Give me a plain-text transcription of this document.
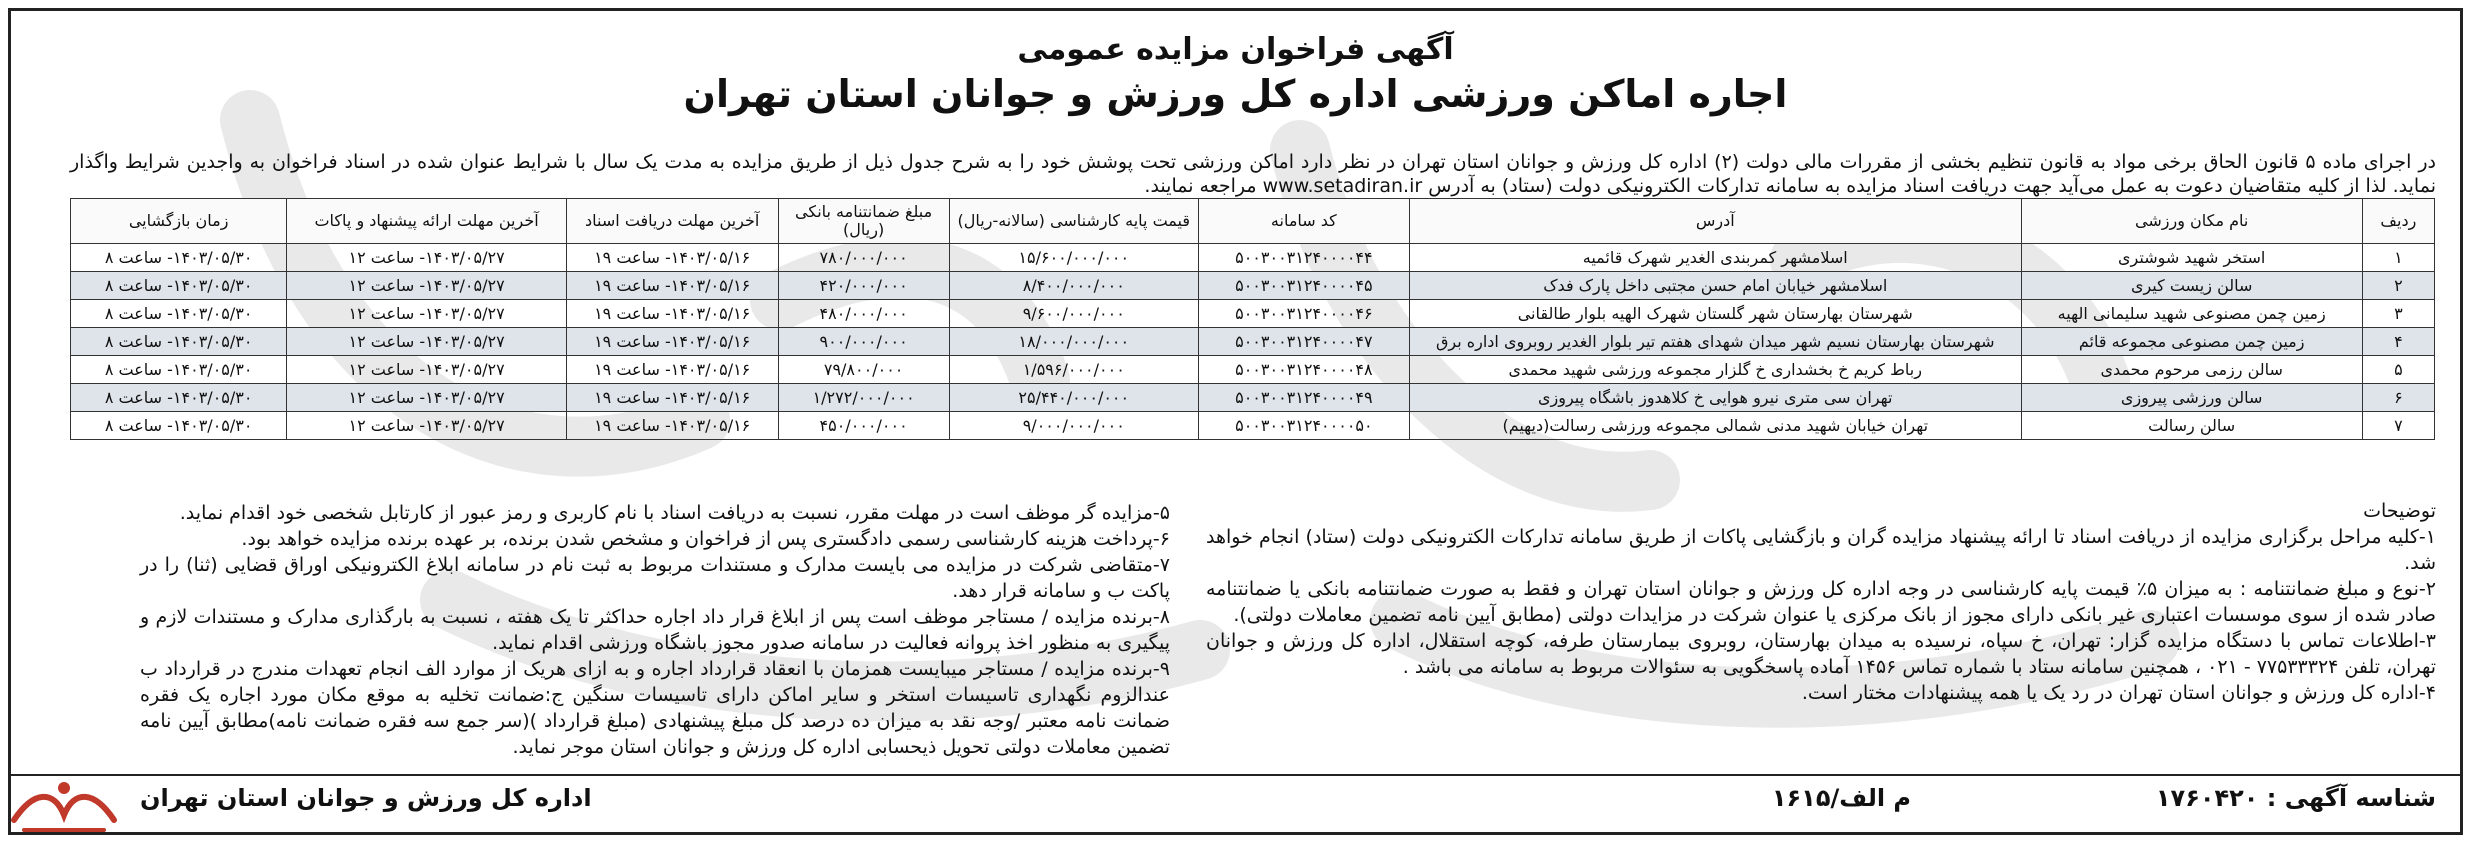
آگهی فراخوان مزایده عمومی
اجاره اماکن ورزشی اداره کل ورزش و جوانان استان تهران
در اجرای ماده ۵ قانون الحاق برخی مواد به قانون تنظیم بخشی از مقررات مالی دولت (۲) اداره کل ورزش و جوانان استان تهران در نظر دارد اماکن ورزشی تحت پوشش خود را به شرح جدول ذیل از طریق مزایده به مدت یک سال با شرایط عنوان شده در اسناد فراخوان به واجدین شرایط واگذار نماید. لذا از کلیه متقاضیان دعوت به عمل می‌آید جهت دریافت اسناد مزایده به سامانه تدارکات الکترونیکی دولت (ستاد) به آدرس www.setadiran.ir مراجعه نمایند.
ردیف	نام مکان ورزشی	آدرس	کد سامانه	قیمت پایه کارشناسی (سالانه-ریال)	مبلغ ضمانتنامه بانکی (ریال)	آخرین مهلت دریافت اسناد	آخرین مهلت ارائه پیشنهاد و پاکات	زمان بازگشایی
۱	استخر شهید شوشتری	اسلامشهر کمربندی الغدیر شهرک قائمیه	۵۰۰۳۰۰۳۱۲۴۰۰۰۰۴۴	۱۵/۶۰۰/۰۰۰/۰۰۰	۷۸۰/۰۰۰/۰۰۰	۱۴۰۳/۰۵/۱۶- ساعت ۱۹	۱۴۰۳/۰۵/۲۷- ساعت ۱۲	۱۴۰۳/۰۵/۳۰- ساعت ۸
۲	سالن زیست کیری	اسلامشهر خیابان امام حسن مجتبی داخل پارک فدک	۵۰۰۳۰۰۳۱۲۴۰۰۰۰۴۵	۸/۴۰۰/۰۰۰/۰۰۰	۴۲۰/۰۰۰/۰۰۰	۱۴۰۳/۰۵/۱۶- ساعت ۱۹	۱۴۰۳/۰۵/۲۷- ساعت ۱۲	۱۴۰۳/۰۵/۳۰- ساعت ۸
۳	زمین چمن مصنوعی شهید سلیمانی الهیه	شهرستان بهارستان شهر گلستان شهرک الهیه بلوار طالقانی	۵۰۰۳۰۰۳۱۲۴۰۰۰۰۴۶	۹/۶۰۰/۰۰۰/۰۰۰	۴۸۰/۰۰۰/۰۰۰	۱۴۰۳/۰۵/۱۶- ساعت ۱۹	۱۴۰۳/۰۵/۲۷- ساعت ۱۲	۱۴۰۳/۰۵/۳۰- ساعت ۸
۴	زمین چمن مصنوعی مجموعه قائم	شهرستان بهارستان نسیم شهر میدان شهدای هفتم تیر بلوار الغدیر روبروی اداره برق	۵۰۰۳۰۰۳۱۲۴۰۰۰۰۴۷	۱۸/۰۰۰/۰۰۰/۰۰۰	۹۰۰/۰۰۰/۰۰۰	۱۴۰۳/۰۵/۱۶- ساعت ۱۹	۱۴۰۳/۰۵/۲۷- ساعت ۱۲	۱۴۰۳/۰۵/۳۰- ساعت ۸
۵	سالن رزمی مرحوم محمدی	رباط کریم خ بخشداری خ گلزار مجموعه ورزشی شهید محمدی	۵۰۰۳۰۰۳۱۲۴۰۰۰۰۴۸	۱/۵۹۶/۰۰۰/۰۰۰	۷۹/۸۰۰/۰۰۰	۱۴۰۳/۰۵/۱۶- ساعت ۱۹	۱۴۰۳/۰۵/۲۷- ساعت ۱۲	۱۴۰۳/۰۵/۳۰- ساعت ۸
۶	سالن ورزشی پیروزی	تهران سی متری نیرو هوایی خ کلاهدوز باشگاه پیروزی	۵۰۰۳۰۰۳۱۲۴۰۰۰۰۴۹	۲۵/۴۴۰/۰۰۰/۰۰۰	۱/۲۷۲/۰۰۰/۰۰۰	۱۴۰۳/۰۵/۱۶- ساعت ۱۹	۱۴۰۳/۰۵/۲۷- ساعت ۱۲	۱۴۰۳/۰۵/۳۰- ساعت ۸
۷	سالن رسالت	تهران خیابان شهید مدنی شمالی مجموعه ورزشی رسالت(دیهیم)	۵۰۰۳۰۰۳۱۲۴۰۰۰۰۵۰	۹/۰۰۰/۰۰۰/۰۰۰	۴۵۰/۰۰۰/۰۰۰	۱۴۰۳/۰۵/۱۶- ساعت ۱۹	۱۴۰۳/۰۵/۲۷- ساعت ۱۲	۱۴۰۳/۰۵/۳۰- ساعت ۸
توضیحات

۱-کلیه مراحل برگزاری مزایده از دریافت اسناد تا ارائه پیشنهاد مزایده گران و بازگشایی پاکات از طریق سامانه تدارکات الکترونیکی دولت (ستاد) انجام خواهد شد.

۲-نوع و مبلغ ضمانتنامه : به میزان ۵٪ قیمت پایه کارشناسی در وجه اداره کل ورزش و جوانان استان تهران و فقط به صورت ضمانتنامه بانکی یا ضمانتنامه صادر شده از سوی موسسات اعتباری غیر بانکی دارای مجوز از بانک مرکزی یا عنوان شرکت در مزایدات دولتی (مطابق آیین نامه تضمین معاملات دولتی).

۳-اطلاعات تماس با دستگاه مزایده گزار: تهران، خ سپاه، نرسیده به میدان بهارستان، روبروی بیمارستان طرفه، کوچه استقلال، اداره کل ورزش و جوانان تهران، تلفن ۷۷۵۳۳۳۲۴ - ۰۲۱ ، همچنین سامانه ستاد با شماره تماس ۱۴۵۶ آماده پاسخگویی به سئوالات مربوط به سامانه می باشد .

۴-اداره کل ورزش و جوانان استان تهران در رد یک یا همه پیشنهادات مختار است.

۵-مزایده گر موظف است در مهلت مقرر، نسبت به دریافت اسناد با نام کاربری و رمز عبور از کارتابل شخصی خود اقدام نماید.

۶-پرداخت هزینه کارشناسی رسمی دادگستری پس از فراخوان و مشخص شدن برنده، بر عهده برنده مزایده خواهد بود.

۷-متقاضی شرکت در مزایده می بایست مدارک و مستندات مربوط به ثبت نام در سامانه ابلاغ الکترونیکی اوراق قضایی (ثنا) را در پاکت ب و سامانه قرار دهد.

۸-برنده مزایده / مستاجر موظف است پس از ابلاغ قرار داد اجاره حداکثر تا یک هفته ، نسبت به بارگذاری مدارک و مستندات لازم و پیگیری به منظور اخذ پروانه فعالیت در سامانه صدور مجوز باشگاه ورزشی اقدام نماید.

۹-برنده مزایده / مستاجر میبایست همزمان با انعقاد قرارداد اجاره و به ازای هریک از موارد الف انجام تعهدات مندرج در قرارداد ب عندالزوم نگهداری تاسیسات استخر و سایر اماکن دارای تاسیسات سنگین ج:ضمانت تخلیه به موقع مکان مورد اجاره یک فقره ضمانت نامه معتبر /وجه نقد به میزان ده درصد کل مبلغ پیشنهادی (مبلغ قرارداد )(سر جمع سه فقره ضمانت نامه)مطابق آیین نامه تضمین معاملات دولتی تحویل ذیحسابی اداره کل ورزش و جوانان استان موجر نماید.

شناسه آگهی : ۱۷۶۰۴۲۰
م الف/۱۶۱۵
اداره کل ورزش و جوانان استان تهران
